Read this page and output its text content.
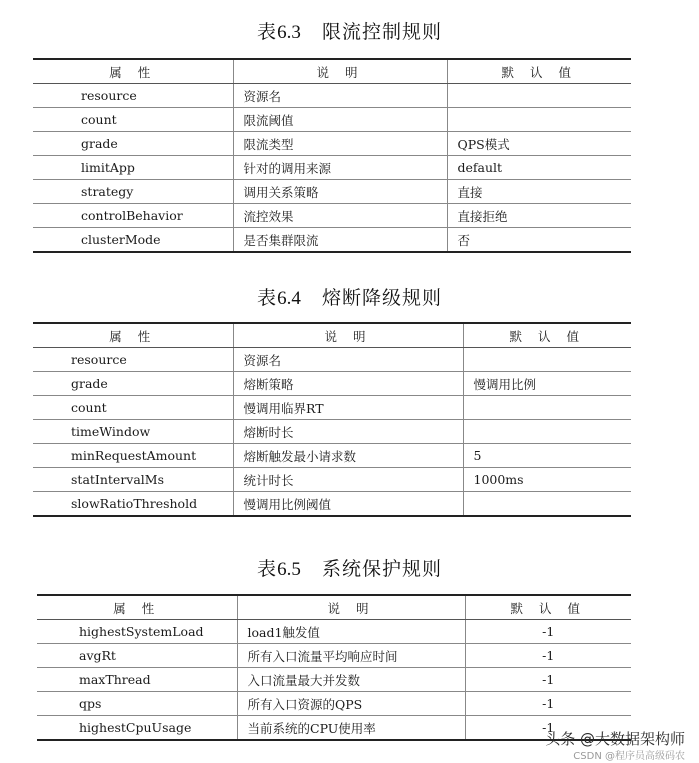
表6.3 限流控制规则
属 性	说 明	默 认 值
resource	资源名	
count	限流阈值	
grade	限流类型	QPS模式
limitApp	针对的调用来源	default
strategy	调用关系策略	直接
controlBehavior	流控效果	直接拒绝
clusterMode	是否集群限流	否
表6.4 熔断降级规则
属 性	说 明	默 认 值
resource	资源名	
grade	熔断策略	慢调用比例
count	慢调用临界RT	
timeWindow	熔断时长	
minRequestAmount	熔断触发最小请求数	5
statIntervalMs	统计时长	1000ms
slowRatioThreshold	慢调用比例阈值	
表6.5 系统保护规则
属 性	说 明	默 认 值
highestSystemLoad	load1触发值	-1
avgRt	所有入口流量平均响应时间	-1
maxThread	入口流量最大并发数	-1
qps	所有入口资源的QPS	-1
highestCpuUsage	当前系统的CPU使用率	-1
头条 @大数据架构师
CSDN @程序员高级码农
